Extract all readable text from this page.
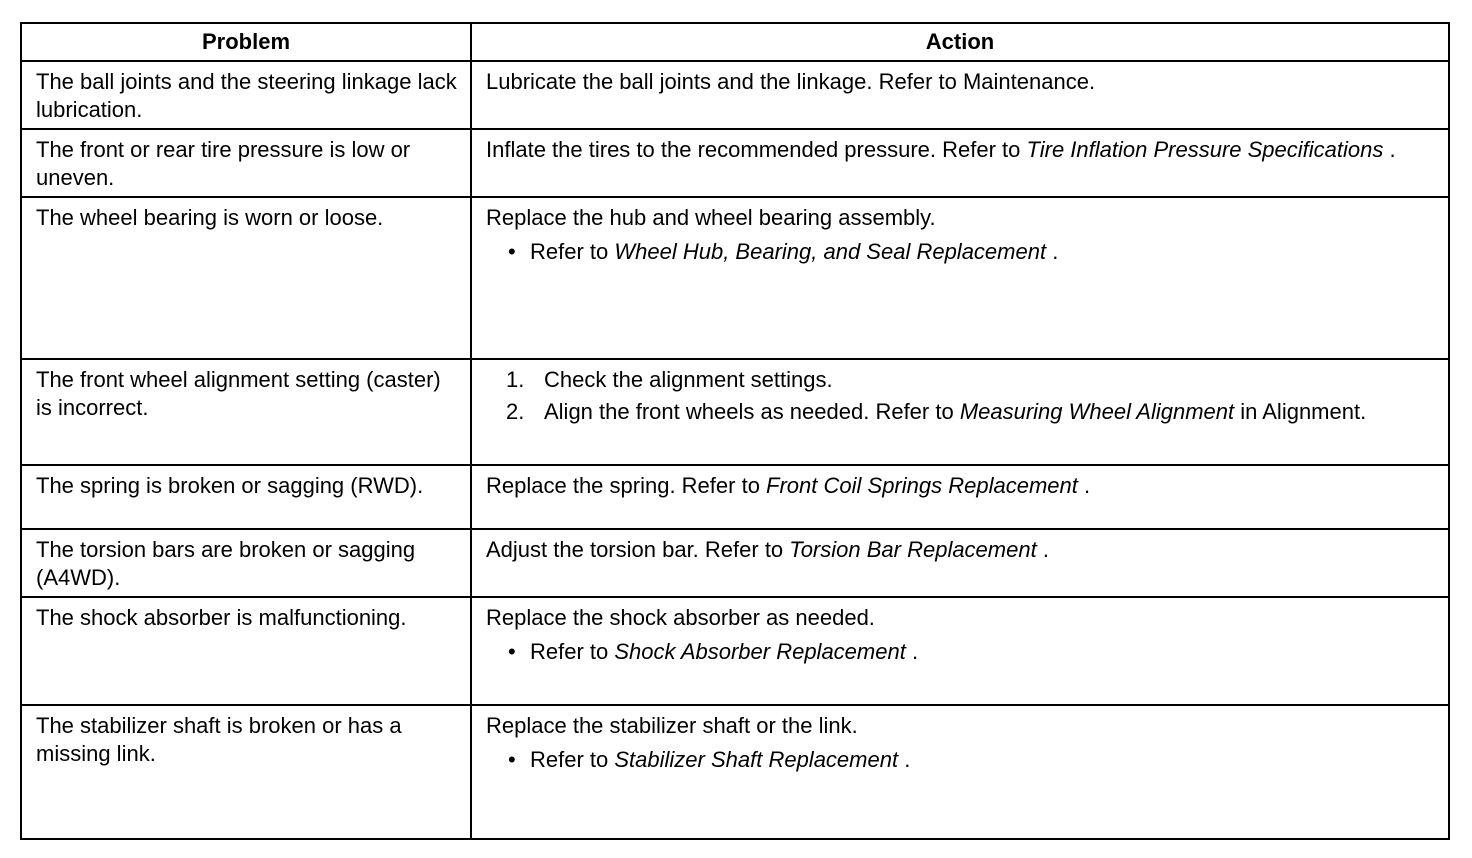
Problem	Action
The ball joints and the steering linkage lack lubrication.	Lubricate the ball joints and the linkage. Refer to Maintenance.

The front or rear tire pressure is low or uneven.	Inflate the tires to the recommended pressure. Refer to Tire Inflation Pressure Specifications .

The wheel bearing is worn or loose.	Replace the hub and wheel bearing assembly.

• Refer to Wheel Hub, Bearing, and Seal Replacement .

The front wheel alignment setting (caster) is incorrect.	1. Check the alignment settings.
2. Align the front wheels as needed. Refer to Measuring Wheel Alignment in Alignment.

The spring is broken or sagging (RWD).	Replace the spring. Refer to Front Coil Springs Replacement .

The torsion bars are broken or sagging (A4WD).	Adjust the torsion bar. Refer to Torsion Bar Replacement .

The shock absorber is malfunctioning.	Replace the shock absorber as needed.

• Refer to Shock Absorber Replacement .

The stabilizer shaft is broken or has a missing link.	Replace the stabilizer shaft or the link.

• Refer to Stabilizer Shaft Replacement .
